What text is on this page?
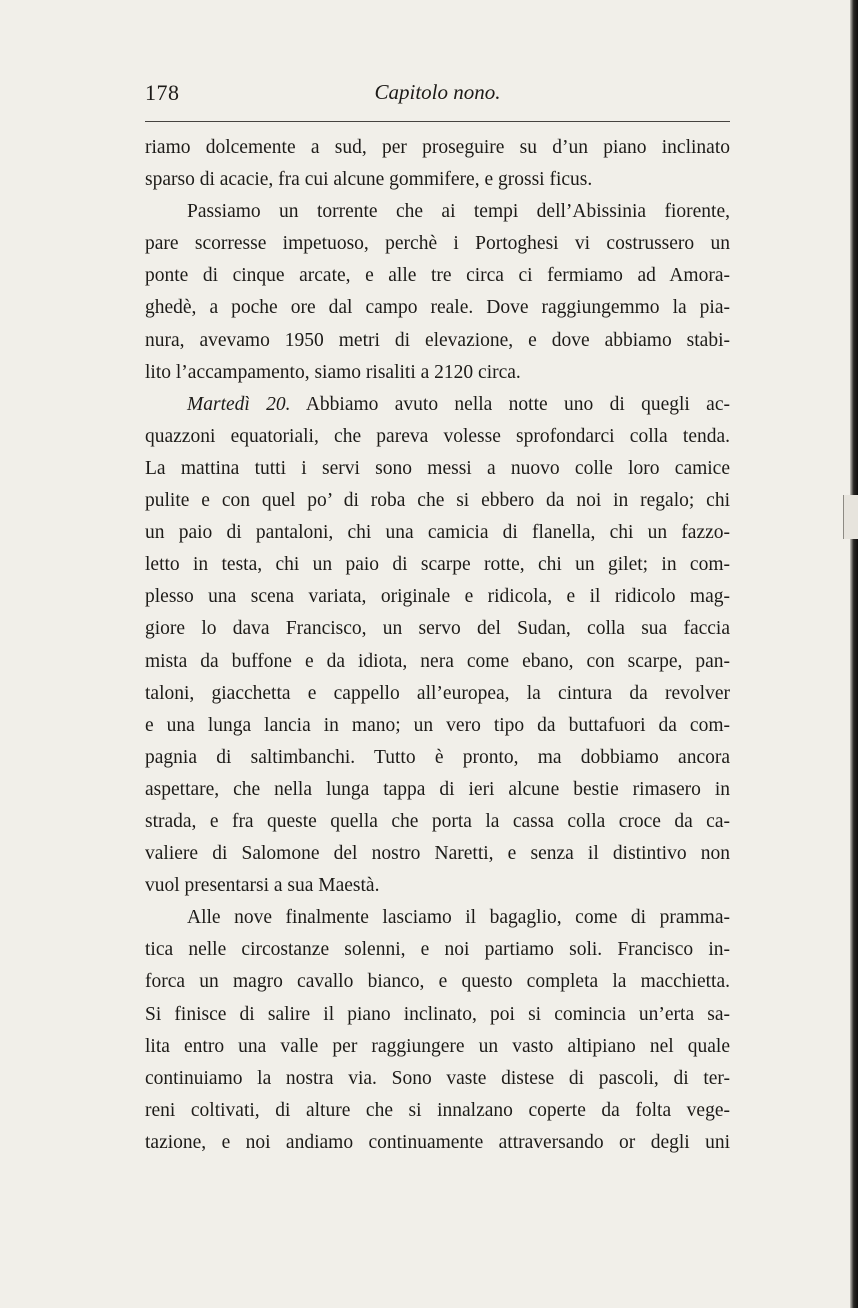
178	Capitolo nono.
riamo dolcemente a sud, per proseguire su d’un piano inclinato
sparso di acacie, fra cui alcune gommifere, e grossi ficus.
Passiamo un torrente che ai tempi dell’Abissinia fiorente,
pare scorresse impetuoso, perchè i Portoghesi vi costrussero un
ponte di cinque arcate, e alle tre circa ci fermiamo ad Amora-
ghedè, a poche ore dal campo reale. Dove raggiungemmo la pia-
nura, avevamo 1950 metri di elevazione, e dove abbiamo stabi-
lito l’accampamento, siamo risaliti a 2120 circa.
Martedì 20. Abbiamo avuto nella notte uno di quegli ac-
quazzoni equatoriali, che pareva volesse sprofondarci colla tenda.
La mattina tutti i servi sono messi a nuovo colle loro camice
pulite e con quel po’ di roba che si ebbero da noi in regalo; chi
un paio di pantaloni, chi una camicia di flanella, chi un fazzo-
letto in testa, chi un paio di scarpe rotte, chi un gilet; in com-
plesso una scena variata, originale e ridicola, e il ridicolo mag-
giore lo dava Francisco, un servo del Sudan, colla sua faccia
mista da buffone e da idiota, nera come ebano, con scarpe, pan-
taloni, giacchetta e cappello all’europea, la cintura da revolver
e una lunga lancia in mano; un vero tipo da buttafuori da com-
pagnia di saltimbanchi. Tutto è pronto, ma dobbiamo ancora
aspettare, che nella lunga tappa di ieri alcune bestie rimasero in
strada, e fra queste quella che porta la cassa colla croce da ca-
valiere di Salomone del nostro Naretti, e senza il distintivo non
vuol presentarsi a sua Maestà.
Alle nove finalmente lasciamo il bagaglio, come di pramma-
tica nelle circostanze solenni, e noi partiamo soli. Francisco in-
forca un magro cavallo bianco, e questo completa la macchietta.
Si finisce di salire il piano inclinato, poi si comincia un’erta sa-
lita entro una valle per raggiungere un vasto altipiano nel quale
continuiamo la nostra via. Sono vaste distese di pascoli, di ter-
reni coltivati, di alture che si innalzano coperte da folta vege-
tazione, e noi andiamo continuamente attraversando or degli uni
